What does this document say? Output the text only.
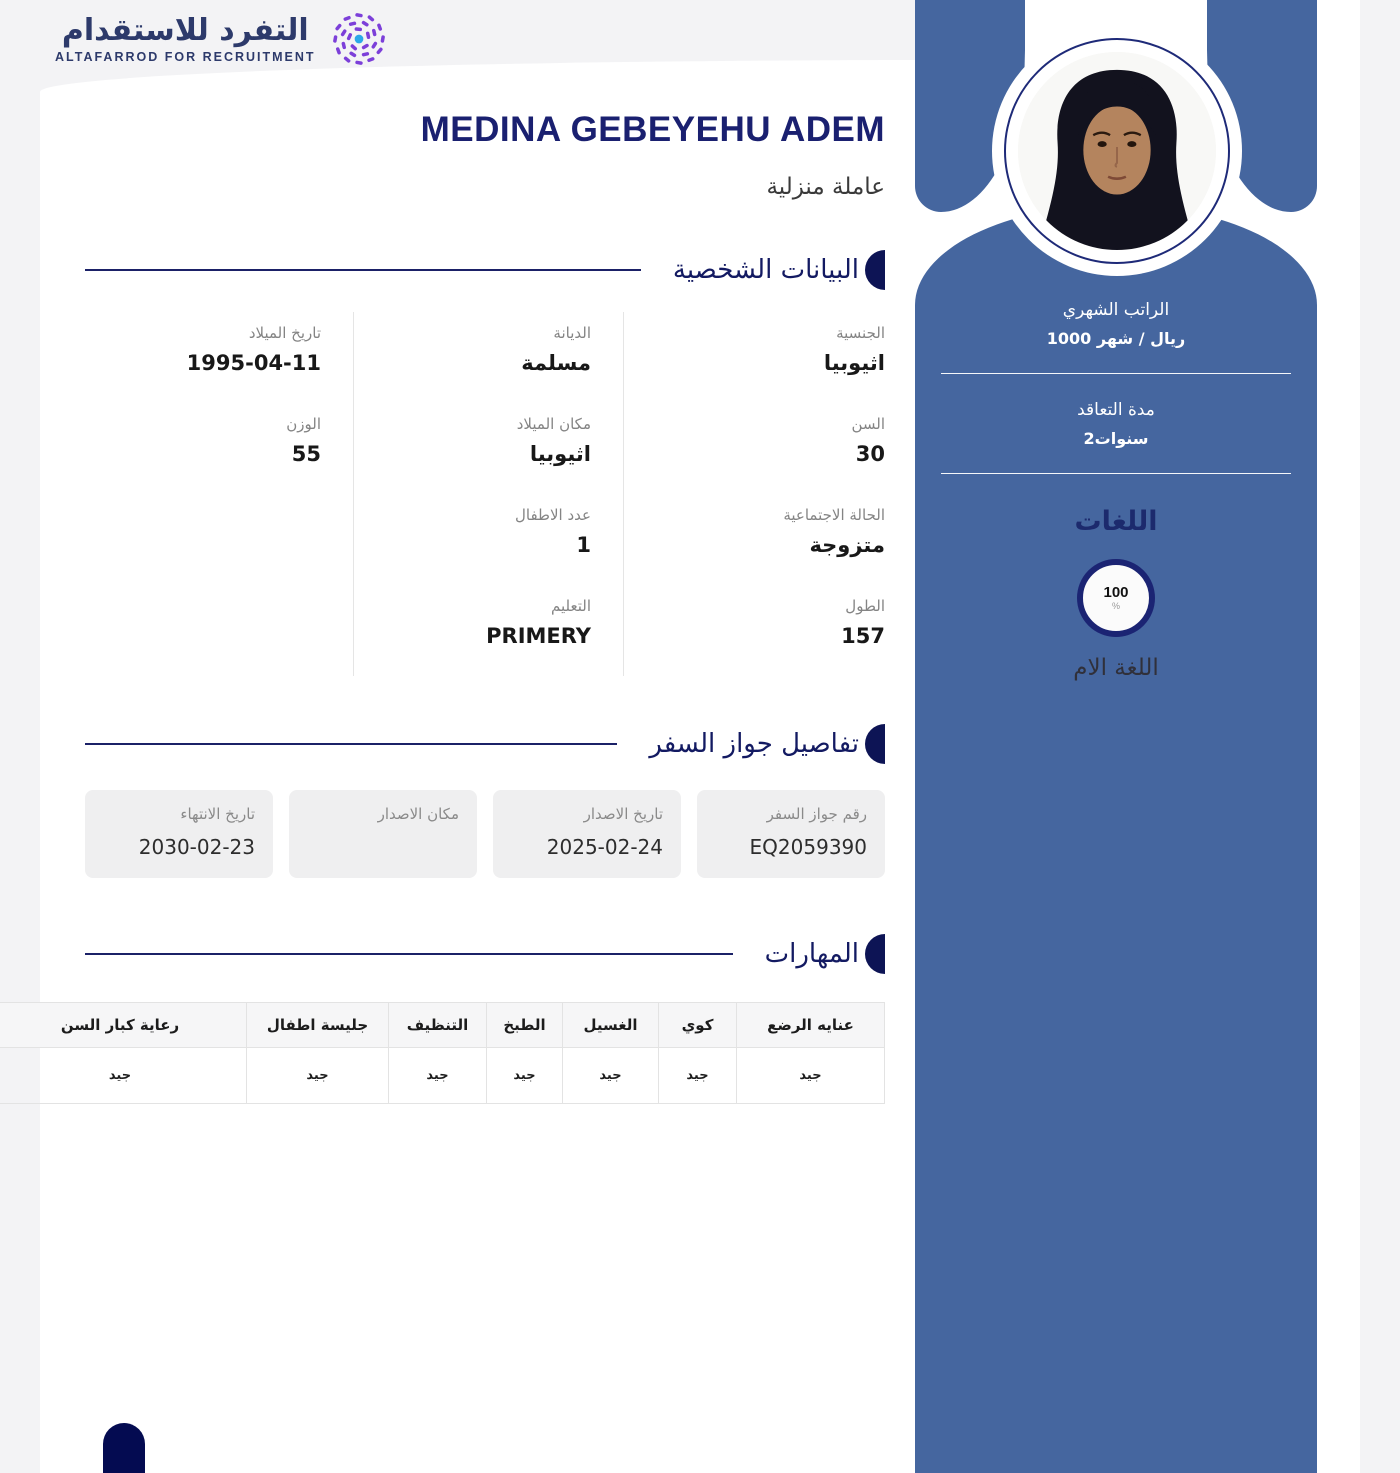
التفرد للاستقدام
ALTAFARROD FOR RECRUITMENT
MEDINA GEBEYEHU ADEM
عاملة منزلية
البيانات الشخصية
الجنسية
اثيوبيا
السن
30
الحالة الاجتماعية
متزوجة
الطول
157
الديانة
مسلمة
مكان الميلاد
اثيوبيا
عدد الاطفال
1
التعليم
PRIMERY
تاريخ الميلاد
1995-04-11
الوزن
55
تفاصيل جواز السفر
رقم جواز السفر
EQ2059390
تاريخ الاصدار
2025-02-24
مكان الاصدار
تاريخ الانتهاء
2030-02-23
المهارات
عنايه الرضع	كوي	الغسيل	الطبخ	التنظيف	جليسة اطفال	رعاية كبار السن
جيد	جيد	جيد	جيد	جيد	جيد	جيد
الراتب الشهري
1000 ريال / شهر
مدة التعاقد
2سنوات
اللغات
100
%
اللغة الام
